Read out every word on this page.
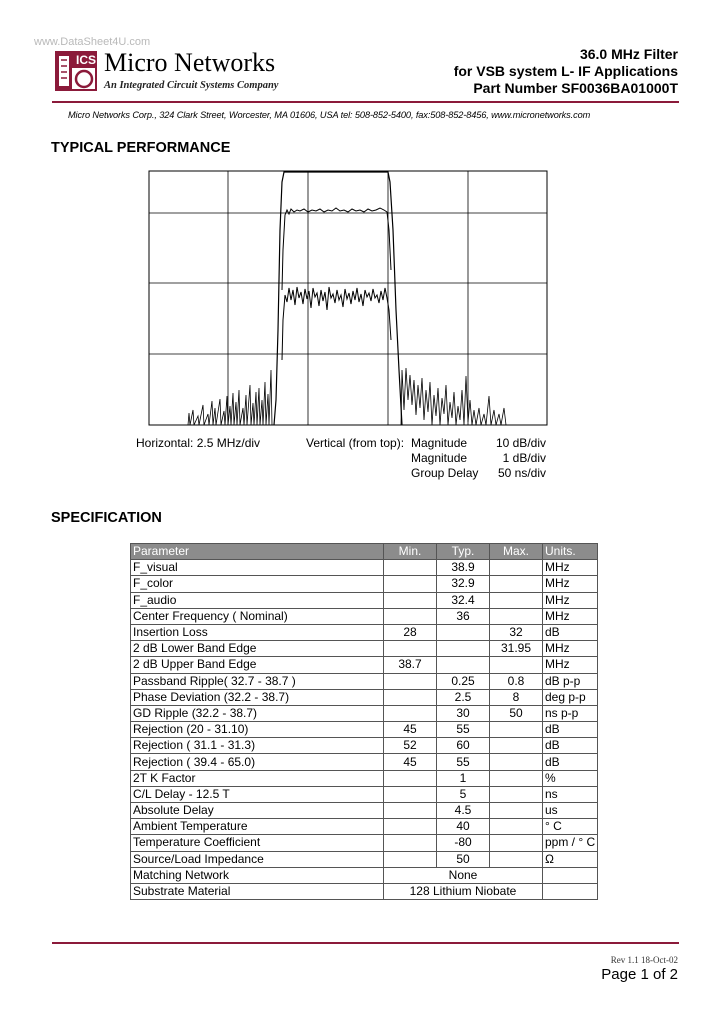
www.DataSheet4U.com
ICS Micro Networks
An Integrated Circuit Systems Company
36.0 MHz Filter
for VSB system L- IF Applications
Part Number SF0036BA01000T
Micro Networks Corp., 324 Clark Street, Worcester, MA 01606, USA tel: 508-852-5400, fax:508-852-8456, www.micronetworks.com
TYPICAL PERFORMANCE
Horizontal: 2.5 MHz/div	Vertical (from top): Magnitude
Magnitude
Group Delay
10 dB/div
1 dB/div
50 ns/div
SPECIFICATION
Parameter	Min.	Typ.	Max.	Units.
F_visual		38.9		MHz
F_color		32.9		MHz
F_audio		32.4		MHz
Center Frequency ( Nominal)		36		MHz
Insertion Loss	28		32	dB
2 dB Lower Band Edge			31.95	MHz
2 dB Upper Band Edge	38.7			MHz
Passband Ripple( 32.7 - 38.7 )		0.25	0.8	dB p-p
Phase Deviation (32.2 - 38.7)		2.5	8	deg p-p
GD Ripple (32.2 - 38.7)		30	50	ns p-p
Rejection (20 - 31.10)	45	55		dB
Rejection ( 31.1 - 31.3)	52	60		dB
Rejection ( 39.4 - 65.0)	45	55		dB
2T K Factor		1		%
C/L Delay - 12.5 T		5		ns
Absolute Delay		4.5		us
Ambient Temperature		40		° C
Temperature Coefficient		-80		ppm / ° C
Source/Load Impedance		50		Ω
Matching Network	None			
Substrate Material	128 Lithium Niobate			
Rev 1.1 18-Oct-02
Page 1 of 2
